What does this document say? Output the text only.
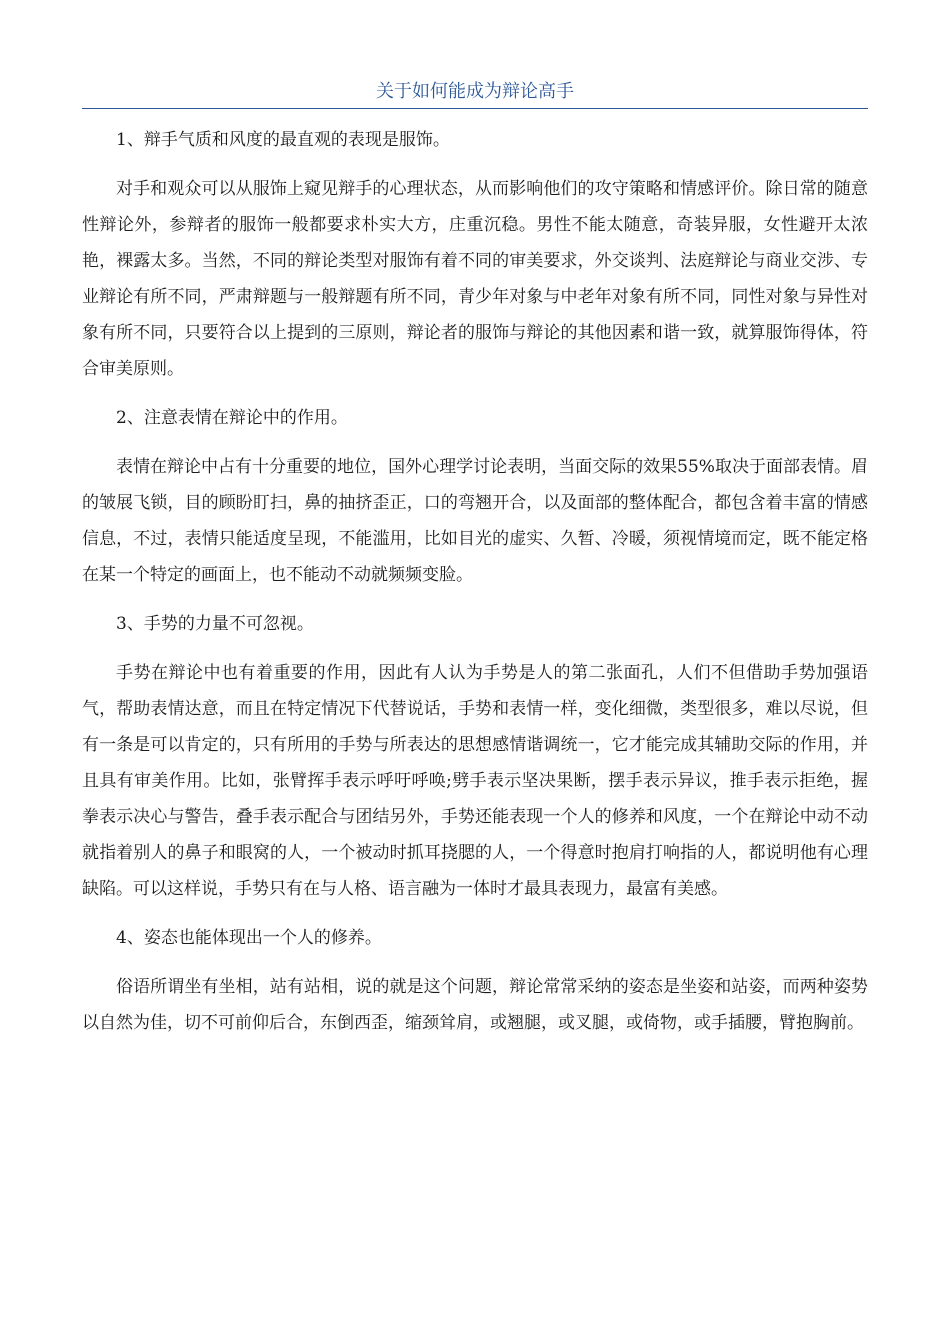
关于如何能成为辩论高手

1、辩手气质和风度的最直观的表现是服饰。

对手和观众可以从服饰上窥见辩手的心理状态，从而影响他们的攻守策略和情感评价。除日常的随意性辩论外，参辩者的服饰一般都要求朴实大方，庄重沉稳。男性不能太随意，奇装异服，女性避开太浓艳，裸露太多。当然，不同的辩论类型对服饰有着不同的审美要求，外交谈判、法庭辩论与商业交涉、专业辩论有所不同，严肃辩题与一般辩题有所不同，青少年对象与中老年对象有所不同，同性对象与异性对象有所不同，只要符合以上提到的三原则，辩论者的服饰与辩论的其他因素和谐一致，就算服饰得体，符合审美原则。

2、注意表情在辩论中的作用。

表情在辩论中占有十分重要的地位，国外心理学讨论表明，当面交际的效果55%取决于面部表情。眉的皱展飞锁，目的顾盼盯扫，鼻的抽挤歪正，口的弯翘开合，以及面部的整体配合，都包含着丰富的情感信息，不过，表情只能适度呈现，不能滥用，比如目光的虚实、久暂、冷暖，须视情境而定，既不能定格在某一个特定的画面上，也不能动不动就频频变脸。

3、手势的力量不可忽视。

手势在辩论中也有着重要的作用，因此有人认为手势是人的第二张面孔，人们不但借助手势加强语气，帮助表情达意，而且在特定情况下代替说话，手势和表情一样，变化细微，类型很多，难以尽说，但有一条是可以肯定的，只有所用的手势与所表达的思想感情谐调统一，它才能完成其辅助交际的作用，并且具有审美作用。比如，张臂挥手表示呼吁呼唤;劈手表示坚决果断，摆手表示异议，推手表示拒绝，握拳表示决心与警告，叠手表示配合与团结另外，手势还能表现一个人的修养和风度，一个在辩论中动不动就指着别人的鼻子和眼窝的人，一个被动时抓耳挠腮的人，一个得意时抱肩打响指的人，都说明他有心理缺陷。可以这样说，手势只有在与人格、语言融为一体时才最具表现力，最富有美感。

4、姿态也能体现出一个人的修养。

俗语所谓坐有坐相，站有站相，说的就是这个问题，辩论常常采纳的姿态是坐姿和站姿，而两种姿势以自然为佳，切不可前仰后合，东倒西歪，缩颈耸肩，或翘腿，或叉腿，或倚物，或手插腰，臂抱胸前。
